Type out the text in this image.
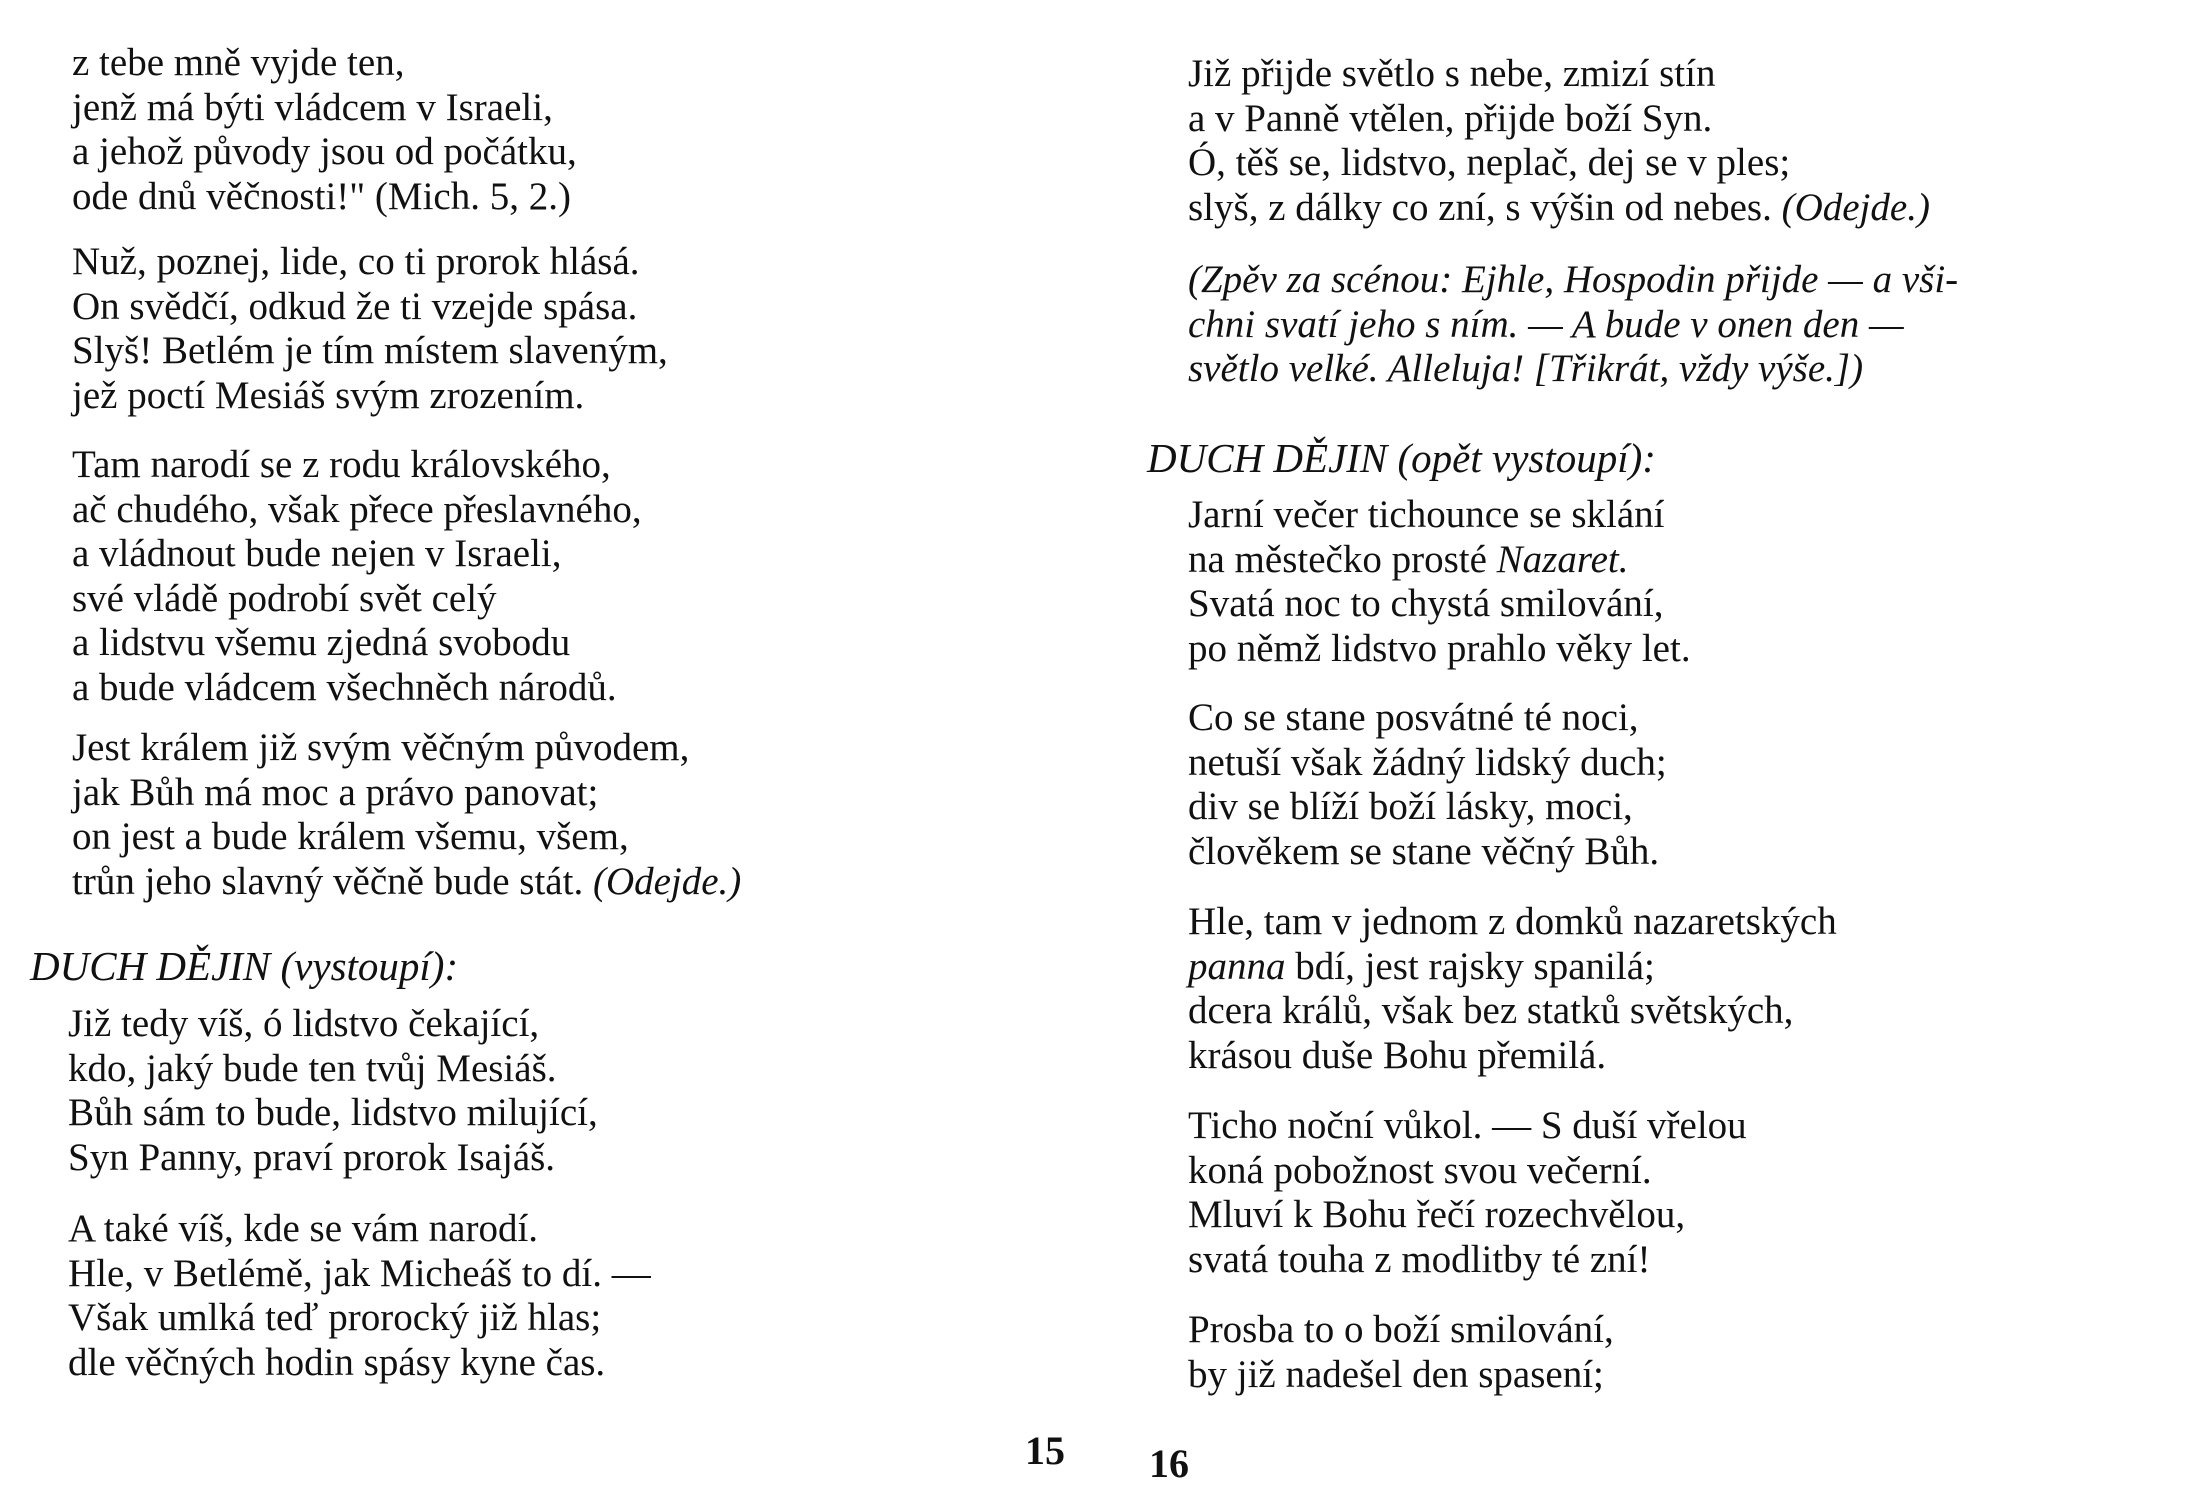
z tebe mně vyjde ten,
jenž má býti vládcem v Israeli,
a jehož původy jsou od počátku,
ode dnů věčnosti!" (Mich. 5, 2.)
Nuž, poznej, lide, co ti prorok hlásá.
On svědčí, odkud že ti vzejde spása.
Slyš! Betlém je tím místem slaveným,
jež poctí Mesiáš svým zrozením.
Tam narodí se z rodu královského,
ač chudého, však přece přeslavného,
a vládnout bude nejen v Israeli,
své vládě podrobí svět celý
a lidstvu všemu zjedná svobodu
a bude vládcem všechněch národů.
Jest králem již svým věčným původem,
jak Bůh má moc a právo panovat;
on jest a bude králem všemu, všem,
trůn jeho slavný věčně bude stát. (Odejde.)
DUCH DĚJIN (vystoupí):
Již tedy víš, ó lidstvo čekající,
kdo, jaký bude ten tvůj Mesiáš.
Bůh sám to bude, lidstvo milující,
Syn Panny, praví prorok Isajáš.
A také víš, kde se vám narodí.
Hle, v Betlémě, jak Micheáš to dí. —
Však umlká teď prorocký již hlas;
dle věčných hodin spásy kyne čas.
15
Již přijde světlo s nebe, zmizí stín
a v Panně vtělen, přijde boží Syn.
Ó, těš se, lidstvo, neplač, dej se v ples;
slyš, z dálky co zní, s výšin od nebes. (Odejde.)
(Zpěv za scénou: Ejhle, Hospodin přijde — a vši-
chni svatí jeho s ním. — A bude v onen den —
světlo velké. Alleluja! [Třikrát, vždy výše.])
DUCH DĚJIN (opět vystoupí):
Jarní večer tichounce se sklání
na městečko prosté Nazaret.
Svatá noc to chystá smilování,
po němž lidstvo prahlo věky let.
Co se stane posvátné té noci,
netuší však žádný lidský duch;
div se blíží boží lásky, moci,
člověkem se stane věčný Bůh.
Hle, tam v jednom z domků nazaretských
panna bdí, jest rajsky spanilá;
dcera králů, však bez statků světských,
krásou duše Bohu přemilá.
Ticho noční vůkol. — S duší vřelou
koná pobožnost svou večerní.
Mluví k Bohu řečí rozechvělou,
svatá touha z modlitby té zní!
Prosba to o boží smilování,
by již nadešel den spasení;
16
